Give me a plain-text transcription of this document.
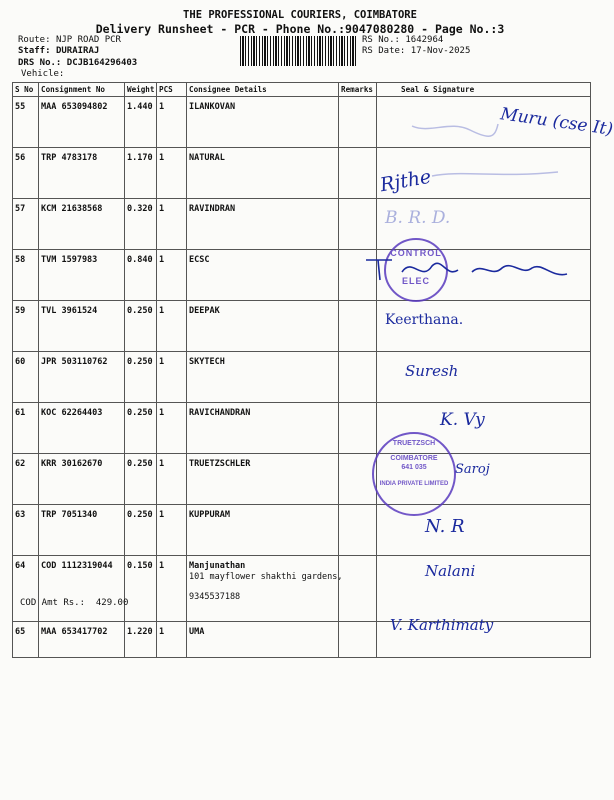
THE PROFESSIONAL COURIERS, COIMBATORE
Delivery Runsheet - PCR - Phone No.:9047080280 - Page No.:3
Route: NJP ROAD PCR
Staff: DURAIRAJ
DRS No.: DCJB164296403
Vehicle:
RS No.: 1642964
RS Date: 17-Nov-2025
S No	Consignment No	Weight	PCS	Consignee Details	Remarks	Seal & Signature
55	MAA 653094802	1.440	1	ILANKOVAN		
56	TRP 4783178	1.170	1	NATURAL		
57	KCM 21638568	0.320	1	RAVINDRAN		
58	TVM 1597983	0.840	1	ECSC		
59	TVL 3961524	0.250	1	DEEPAK		
60	JPR 503110762	0.250	1	SKYTECH		
61	KOC 62264403	0.250	1	RAVICHANDRAN		
62	KRR 30162670	0.250	1	TRUETZSCHLER		
63	TRP 7051340	0.250	1	KUPPURAM		
64	COD 1112319044	0.150	1	Manjunathan
101 mayflower shakthi gardens,
9345537188		

65	MAA 653417702	1.220	1	UMA		
COD Amt Rs.: 429.00
Muru (cse It)
Rjthe
B. R. D.
CONTROL
ELEC
Keerthana.
Suresh
K. Vy
TRUETZSCH
COIMBATORE
641 035
INDIA PRIVATE LIMITED
Saroj
N. R
Nalani
V. Karthimaty
